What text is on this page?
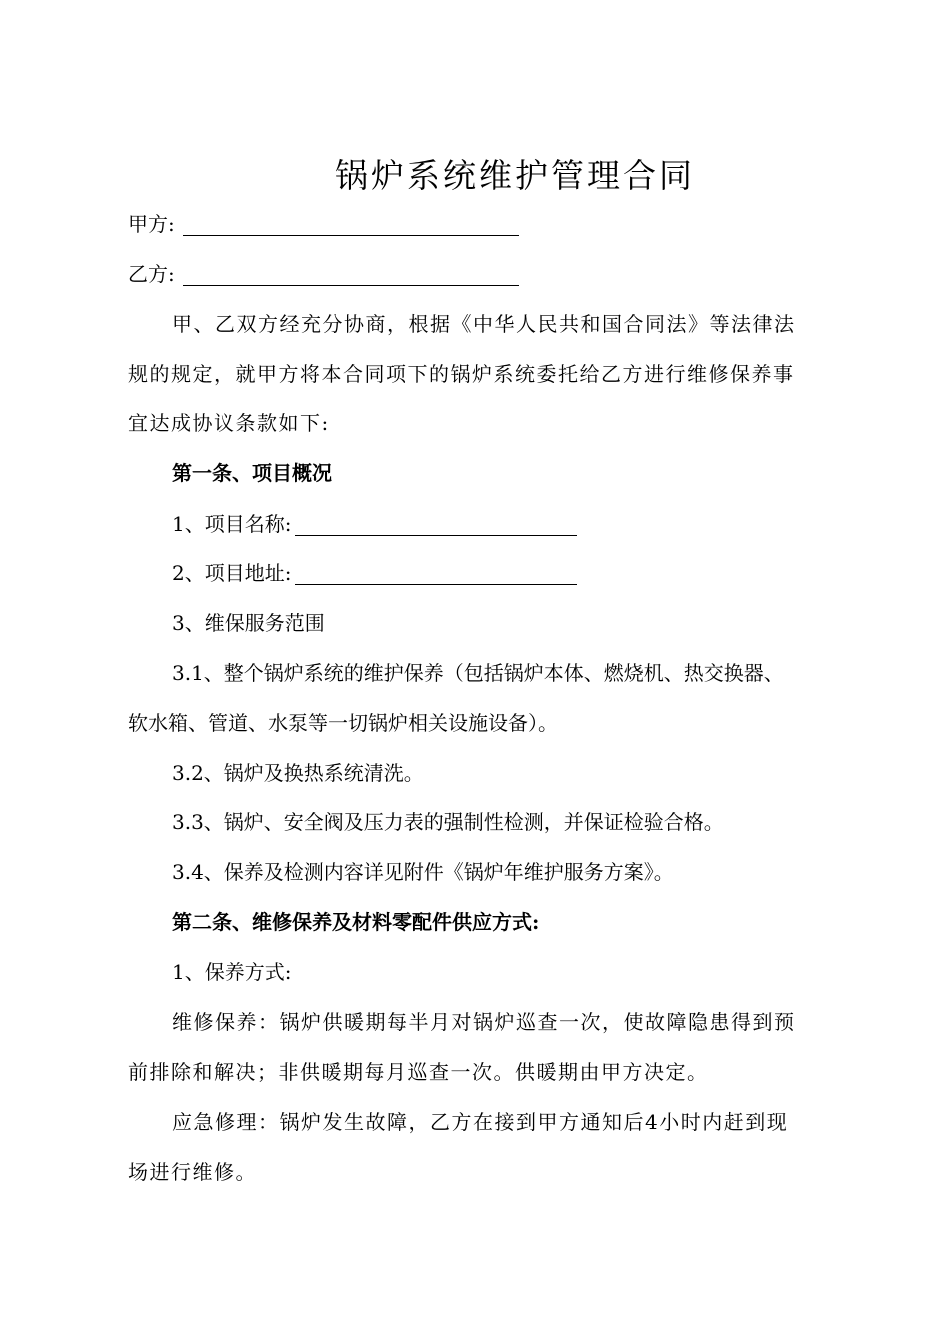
锅炉系统维护管理合同
甲方:
乙方:
甲、乙双方经充分协商，根据《中华人民共和国合同法》等法律法
规的规定，就甲方将本合同项下的锅炉系统委托给乙方进行维修保养事
宜达成协议条款如下:
第一条、项目概况
1、项目名称:
2、项目地址:
3、维保服务范围
3.1、整个锅炉系统的维护保养（包括锅炉本体、燃烧机、热交换器、
软水箱、管道、水泵等一切锅炉相关设施设备）。
3.2、锅炉及换热系统清洗。
3.3、锅炉、安全阀及压力表的强制性检测，并保证检验合格。
3.4、保养及检测内容详见附件《锅炉年维护服务方案》。
第二条、维修保养及材料零配件供应方式:
1、保养方式:
维修保养：锅炉供暖期每半月对锅炉巡查一次，使故障隐患得到预
前排除和解决；非供暖期每月巡查一次。供暖期由甲方决定。
应急修理：锅炉发生故障，乙方在接到甲方通知后4小时内赶到现
场进行维修。
